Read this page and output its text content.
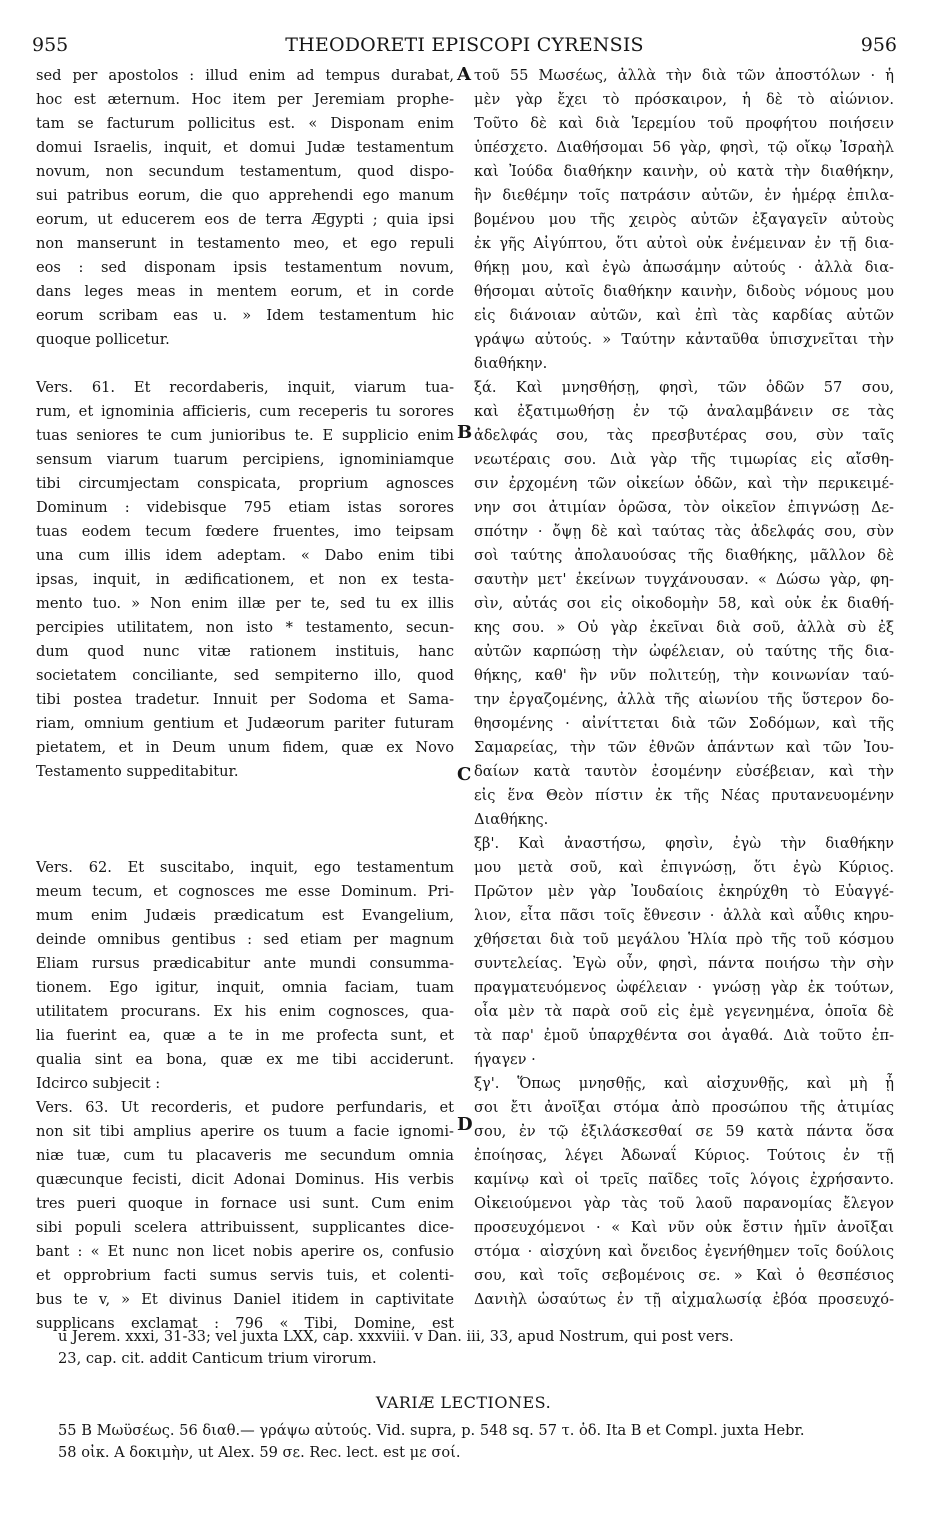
955	THEODORETI EPISCOPI CYRENSIS	956
A
B
C
D
sed per apostolos : illud enim ad tempus durabat,
hoc est æternum. Hoc item per Jeremiam prophe-
tam se facturum pollicitus est. « Disponam enim
domui Israelis, inquit, et domui Judæ testamentum
novum, non secundum testamentum, quod dispo-
sui patribus eorum, die quo apprehendi ego manum
eorum, ut educerem eos de terra Ægypti ; quia ipsi
non manserunt in testamento meo, et ego repuli
eos : sed disponam ipsis testamentum novum,
dans leges meas in mentem eorum, et in corde
eorum scribam eas u. » Idem testamentum hic
quoque pollicetur.
Vers. 61. Et recordaberis, inquit, viarum tua-
rum, et ignominia afficieris, cum receperis tu sorores
tuas seniores te cum junioribus te. E supplicio enim
sensum viarum tuarum percipiens, ignominiamque
tibi circumjectam conspicata, proprium agnosces
Dominum : videbisque 795 etiam istas sorores
tuas eodem tecum fœdere fruentes, imo teipsam
una cum illis idem adeptam. « Dabo enim tibi
ipsas, inquit, in ædificationem, et non ex testa-
mento tuo. » Non enim illæ per te, sed tu ex illis
percipies utilitatem, non isto * testamento, secun-
dum quod nunc vitæ rationem instituis, hanc
societatem conciliante, sed sempiterno illo, quod
tibi postea tradetur. Innuit per Sodoma et Sama-
riam, omnium gentium et Judæorum pariter futuram
pietatem, et in Deum unum fidem, quæ ex Novo
Testamento suppeditabitur.
Vers. 62. Et suscitabo, inquit, ego testamentum
meum tecum, et cognosces me esse Dominum. Pri-
mum enim Judæis prædicatum est Evangelium,
deinde omnibus gentibus : sed etiam per magnum
Eliam rursus prædicabitur ante mundi consumma-
tionem. Ego igitur, inquit, omnia faciam, tuam
utilitatem procurans. Ex his enim cognosces, qua-
lia fuerint ea, quæ a te in me profecta sunt, et
qualia sint ea bona, quæ ex me tibi acciderunt.
Idcirco subjecit :
Vers. 63. Ut recorderis, et pudore perfundaris, et
non sit tibi amplius aperire os tuum a facie ignomi-
niæ tuæ, cum tu placaveris me secundum omnia
quæcunque fecisti, dicit Adonai Dominus. His verbis
tres pueri quoque in fornace usi sunt. Cum enim
sibi populi scelera attribuissent, supplicantes dice-
bant : « Et nunc non licet nobis aperire os, confusio
et opprobrium facti sumus servis tuis, et colenti-
bus te v, » Et divinus Daniel itidem in captivitate
supplicans exclamat : 796 « Tibi, Domine, est
τοῦ 55 Μωσέως, ἀλλὰ τὴν διὰ τῶν ἀποστόλων · ἡ
μὲν γὰρ ἔχει τὸ πρόσκαιρον, ἡ δὲ τὸ αἰώνιον.
Τοῦτο δὲ καὶ διὰ Ἱερεμίου τοῦ προφήτου ποιήσειν
ὑπέσχετο. Διαθήσομαι 56 γὰρ, φησὶ, τῷ οἴκῳ Ἰσραὴλ
καὶ Ἰούδα διαθήκην καινὴν, οὐ κατὰ τὴν διαθήκην,
ἣν διεθέμην τοῖς πατράσιν αὐτῶν, ἐν ἡμέρᾳ ἐπιλα-
βομένου μου τῆς χειρὸς αὐτῶν ἐξαγαγεῖν αὐτοὺς
ἐκ γῆς Αἰγύπτου, ὅτι αὐτοὶ οὐκ ἐνέμειναν ἐν τῇ δια-
θήκῃ μου, καὶ ἐγὼ ἀπωσάμην αὐτούς · ἀλλὰ δια-
θήσομαι αὐτοῖς διαθήκην καινὴν, διδοὺς νόμους μου
εἰς διάνοιαν αὐτῶν, καὶ ἐπὶ τὰς καρδίας αὐτῶν
γράψω αὐτούς. » Ταύτην κἀνταῦθα ὑπισχνεῖται τὴν
διαθήκην.
ξά. Καὶ μνησθήσῃ, φησὶ, τῶν ὁδῶν 57 σου,
καὶ ἐξατιμωθήσῃ ἐν τῷ ἀναλαμβάνειν σε τὰς
ἀδελφάς σου, τὰς πρεσβυτέρας σου, σὺν ταῖς
νεωτέραις σου. Διὰ γὰρ τῆς τιμωρίας εἰς αἴσθη-
σιν ἐρχομένη τῶν οἰκείων ὁδῶν, καὶ τὴν περικειμέ-
νην σοι ἀτιμίαν ὁρῶσα, τὸν οἰκεῖον ἐπιγνώσῃ Δε-
σπότην · ὄψῃ δὲ καὶ ταύτας τὰς ἀδελφάς σου, σὺν
σοὶ ταύτης ἀπολαυούσας τῆς διαθήκης, μᾶλλον δὲ
σαυτὴν μετ' ἐκείνων τυγχάνουσαν. « Δώσω γὰρ, φη-
σὶν, αὐτάς σοι εἰς οἰκοδομὴν 58, καὶ οὐκ ἐκ διαθή-
κης σου. » Οὐ γὰρ ἐκεῖναι διὰ σοῦ, ἀλλὰ σὺ ἐξ
αὐτῶν καρπώσῃ τὴν ὠφέλειαν, οὐ ταύτης τῆς δια-
θήκης, καθ' ἣν νῦν πολιτεύῃ, τὴν κοινωνίαν ταύ-
την ἐργαζομένης, ἀλλὰ τῆς αἰωνίου τῆς ὕστερον δο-
θησομένης · αἰνίττεται διὰ τῶν Σοδόμων, καὶ τῆς
Σαμαρείας, τὴν τῶν ἐθνῶν ἁπάντων καὶ τῶν Ἰου-
δαίων κατὰ ταυτὸν ἐσομένην εὐσέβειαν, καὶ τὴν
εἰς ἕνα Θεὸν πίστιν ἐκ τῆς Νέας πρυτανευομένην
Διαθήκης.
ξβ'. Καὶ ἀναστήσω, φησὶν, ἐγὼ τὴν διαθήκην
μου μετὰ σοῦ, καὶ ἐπιγνώσῃ, ὅτι ἐγὼ Κύριος.
Πρῶτον μὲν γὰρ Ἰουδαίοις ἐκηρύχθη τὸ Εὐαγγέ-
λιον, εἶτα πᾶσι τοῖς ἔθνεσιν · ἀλλὰ καὶ αὖθις κηρυ-
χθήσεται διὰ τοῦ μεγάλου Ἡλία πρὸ τῆς τοῦ κόσμου
συντελείας. Ἐγὼ οὖν, φησὶ, πάντα ποιήσω τὴν σὴν
πραγματευόμενος ὠφέλειαν · γνώσῃ γὰρ ἐκ τούτων,
οἷα μὲν τὰ παρὰ σοῦ εἰς ἐμὲ γεγενημένα, ὁποῖα δὲ
τὰ παρ' ἐμοῦ ὑπαρχθέντα σοι ἀγαθά. Διὰ τοῦτο ἐπ-
ήγαγεν ·
ξγ'. Ὅπως μνησθῇς, καὶ αἰσχυνθῇς, καὶ μὴ ᾖ
σοι ἔτι ἀνοῖξαι στόμα ἀπὸ προσώπου τῆς ἀτιμίας
σου, ἐν τῷ ἐξιλάσκεσθαί σε 59 κατὰ πάντα ὅσα
ἐποίησας, λέγει Ἀδωναΐ Κύριος. Τούτοις ἐν τῇ
καμίνῳ καὶ οἱ τρεῖς παῖδες τοῖς λόγοις ἐχρήσαντο.
Οἰκειούμενοι γὰρ τὰς τοῦ λαοῦ παρανομίας ἔλεγον
προσευχόμενοι · « Καὶ νῦν οὐκ ἔστιν ἡμῖν ἀνοῖξαι
στόμα · αἰσχύνη καὶ ὄνειδος ἐγενήθημεν τοῖς δούλοις
σου, καὶ τοῖς σεβομένοις σε. » Καὶ ὁ θεσπέσιος
Δανιὴλ ὡσαύτως ἐν τῇ αἰχμαλωσίᾳ ἐβόα προσευχό-
u Jerem. xxxi, 31-33; vel juxta LXX, cap. xxxviii. v Dan. iii, 33, apud Nostrum, qui post vers.
23, cap. cit. addit Canticum trium virorum.
VARIÆ LECTIONES.
55 B Μωϋσέως. 56 διαθ.— γράψω αὐτούς. Vid. supra, p. 548 sq. 57 τ. ὁδ. Ita B et Compl. juxta Hebr.
58 οἰκ. A δοκιμὴν, ut Alex. 59 σε. Rec. lect. est με σοί.
